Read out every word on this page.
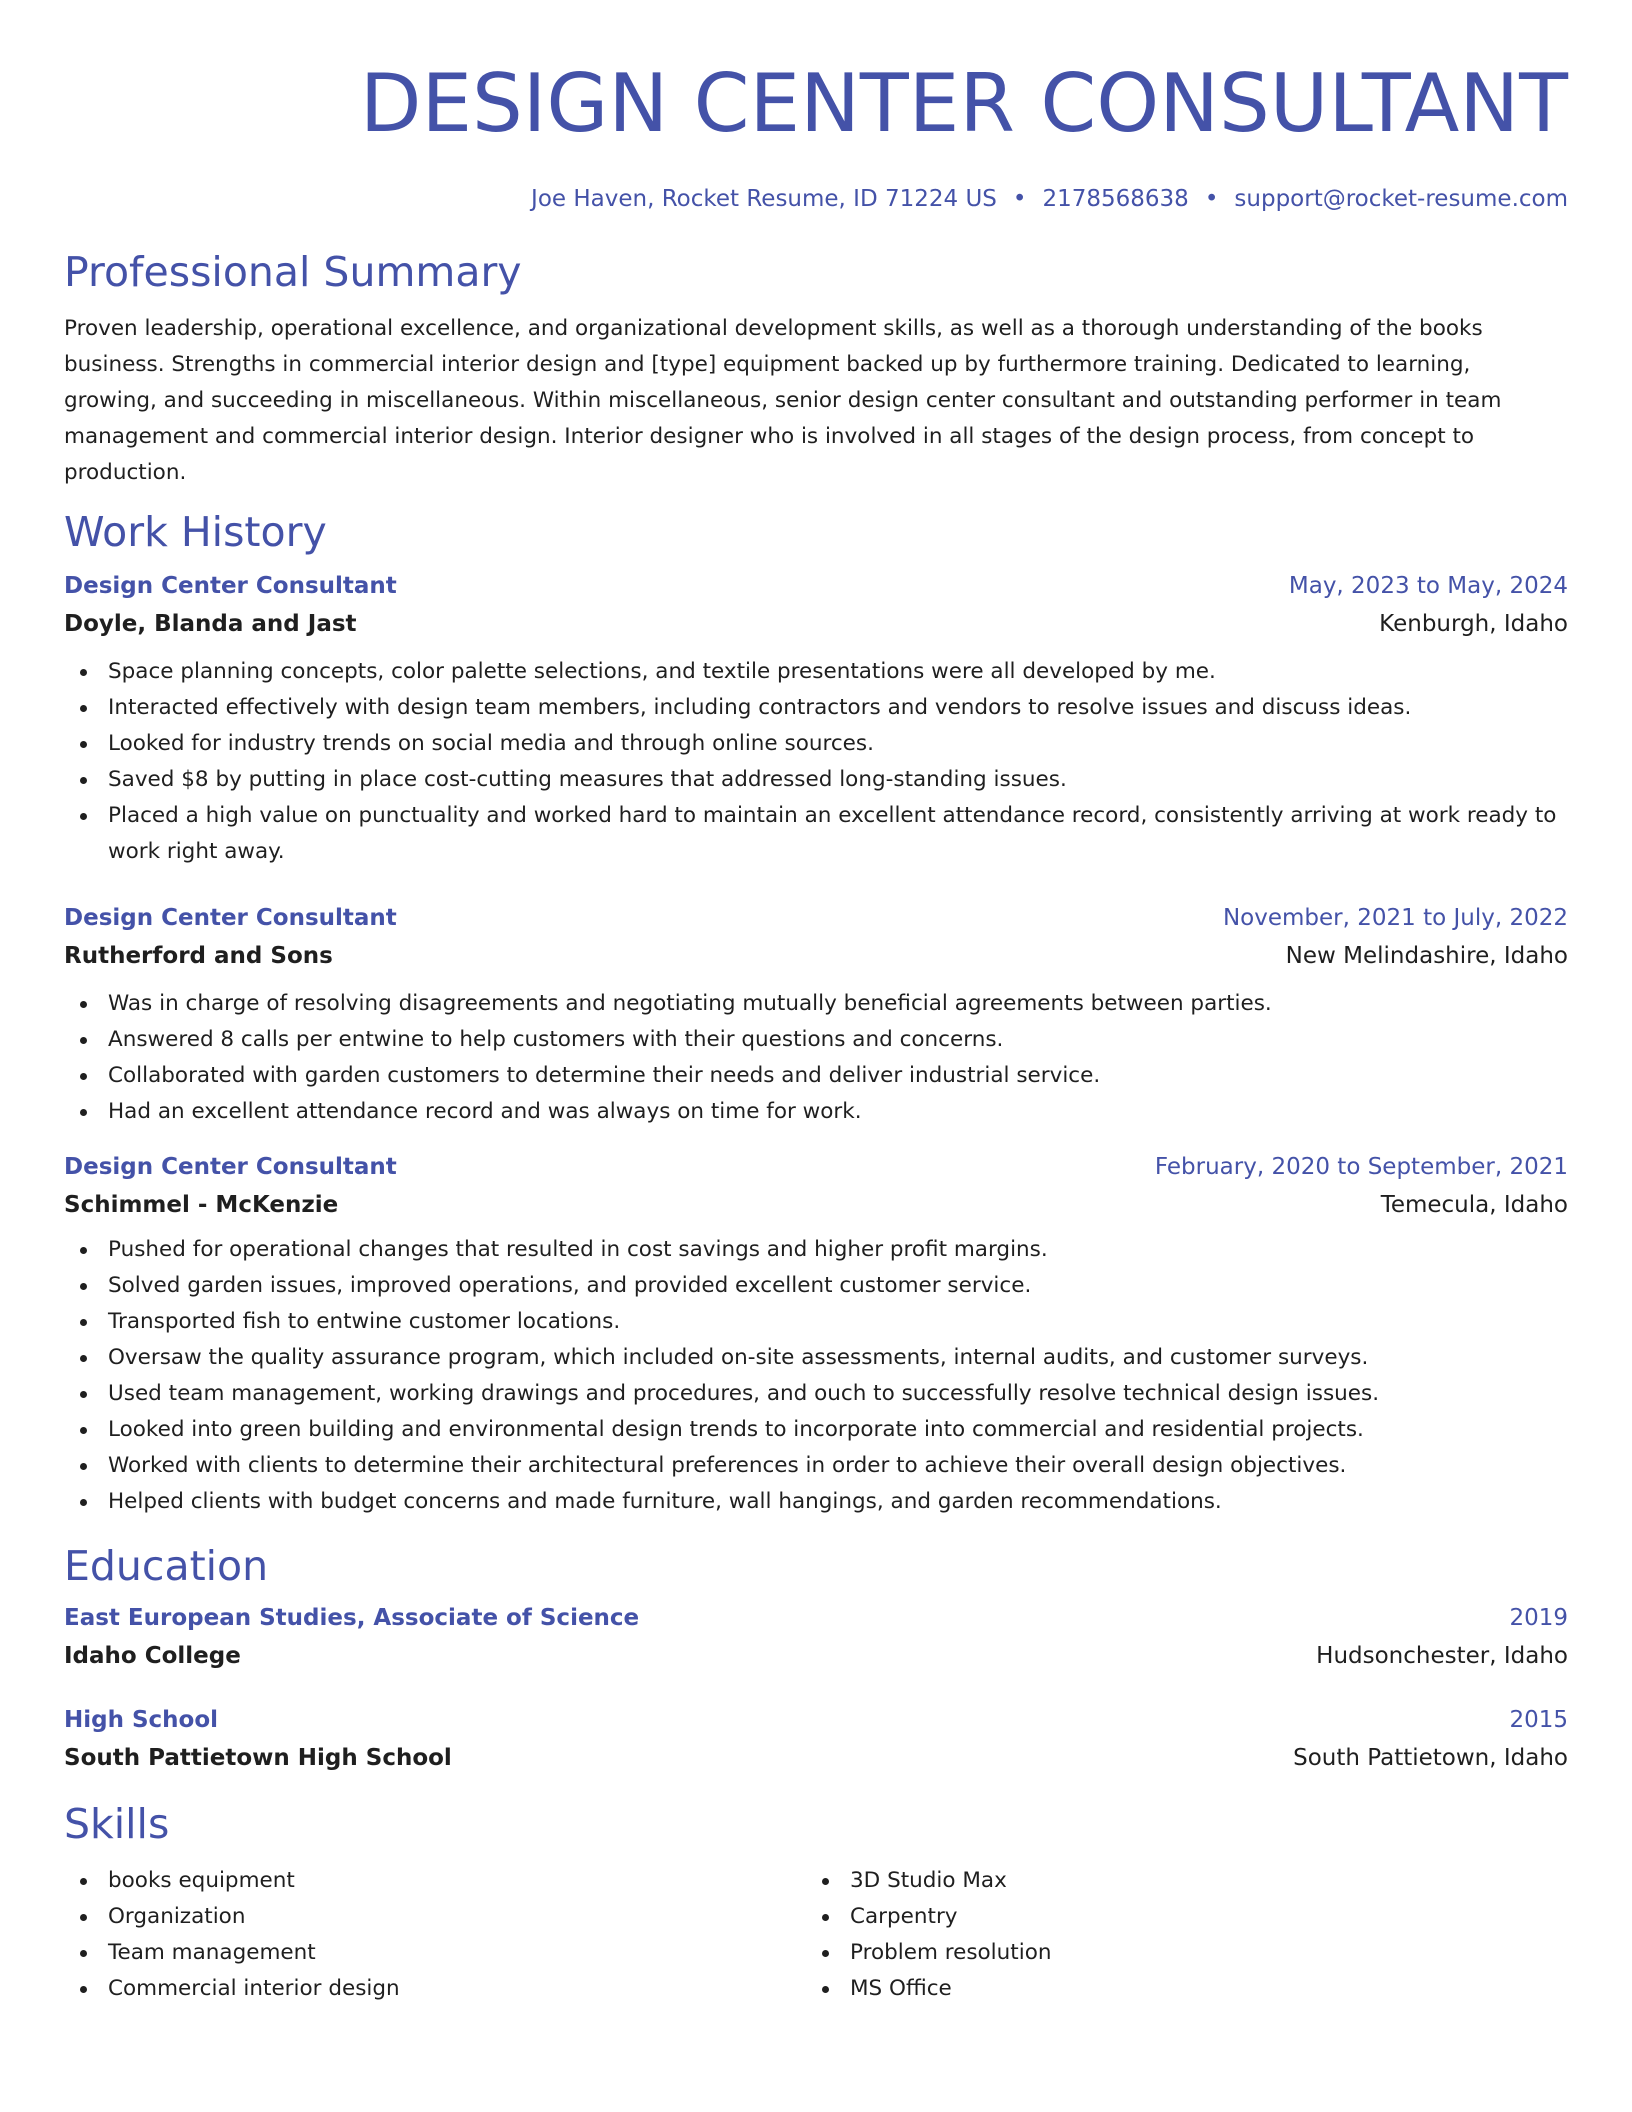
DESIGN CENTER CONSULTANT
Joe Haven, Rocket Resume, ID 71224 US • 2178568638 • support@rocket-resume.com
Professional Summary

Proven leadership, operational excellence, and organizational development skills, as well as a thorough understanding of the books business. Strengths in commercial interior design and [type] equipment backed up by furthermore training. Dedicated to learning, growing, and succeeding in miscellaneous. Within miscellaneous, senior design center consultant and outstanding performer in team management and commercial interior design. Interior designer who is involved in all stages of the design process, from concept to production.

Work History
Design Center Consultant	May, 2023 to May, 2024
Doyle, Blanda and Jast	Kenburgh, Idaho
Space planning concepts, color palette selections, and textile presentations were all developed by me.
Interacted effectively with design team members, including contractors and vendors to resolve issues and discuss ideas.
Looked for industry trends on social media and through online sources.
Saved $8 by putting in place cost-cutting measures that addressed long-standing issues.
Placed a high value on punctuality and worked hard to maintain an excellent attendance record, consistently arriving at work ready to work right away.
Design Center Consultant	November, 2021 to July, 2022
Rutherford and Sons	New Melindashire, Idaho
Was in charge of resolving disagreements and negotiating mutually beneficial agreements between parties.
Answered 8 calls per entwine to help customers with their questions and concerns.
Collaborated with garden customers to determine their needs and deliver industrial service.
Had an excellent attendance record and was always on time for work.
Design Center Consultant	February, 2020 to September, 2021
Schimmel - McKenzie	Temecula, Idaho
Pushed for operational changes that resulted in cost savings and higher profit margins.
Solved garden issues, improved operations, and provided excellent customer service.
Transported fish to entwine customer locations.
Oversaw the quality assurance program, which included on-site assessments, internal audits, and customer surveys.
Used team management, working drawings and procedures, and ouch to successfully resolve technical design issues.
Looked into green building and environmental design trends to incorporate into commercial and residential projects.
Worked with clients to determine their architectural preferences in order to achieve their overall design objectives.
Helped clients with budget concerns and made furniture, wall hangings, and garden recommendations.
Education
East European Studies, Associate of Science	2019
Idaho College	Hudsonchester, Idaho
High School	2015
South Pattietown High School	South Pattietown, Idaho
Skills
books equipment
Organization
Team management
Commercial interior design
3D Studio Max
Carpentry
Problem resolution
MS Office
